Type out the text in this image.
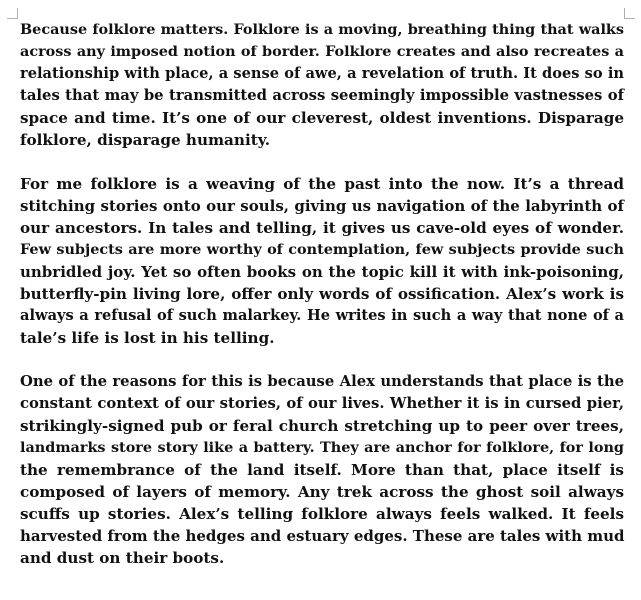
Because folklore matters. Folklore is a moving, breathing thing that walks
across any imposed notion of border. Folklore creates and also recreates a
relationship with place, a sense of awe, a revelation of truth. It does so in
tales that may be transmitted across seemingly impossible vastnesses of
space and time. It’s one of our cleverest, oldest inventions. Disparage
folklore, disparage humanity.

For me folklore is a weaving of the past into the now. It’s a thread
stitching stories onto our souls, giving us navigation of the labyrinth of
our ancestors. In tales and telling, it gives us cave-old eyes of wonder.
Few subjects are more worthy of contemplation, few subjects provide such
unbridled joy. Yet so often books on the topic kill it with ink-poisoning,
butterfly-pin living lore, offer only words of ossification. Alex’s work is
always a refusal of such malarkey. He writes in such a way that none of a
tale’s life is lost in his telling.

One of the reasons for this is because Alex understands that place is the
constant context of our stories, of our lives. Whether it is in cursed pier,
strikingly-signed pub or feral church stretching up to peer over trees,
landmarks store story like a battery. They are anchor for folklore, for long
the remembrance of the land itself. More than that, place itself is
composed of layers of memory. Any trek across the ghost soil always
scuffs up stories. Alex’s telling folklore always feels walked. It feels
harvested from the hedges and estuary edges. These are tales with mud
and dust on their boots.
